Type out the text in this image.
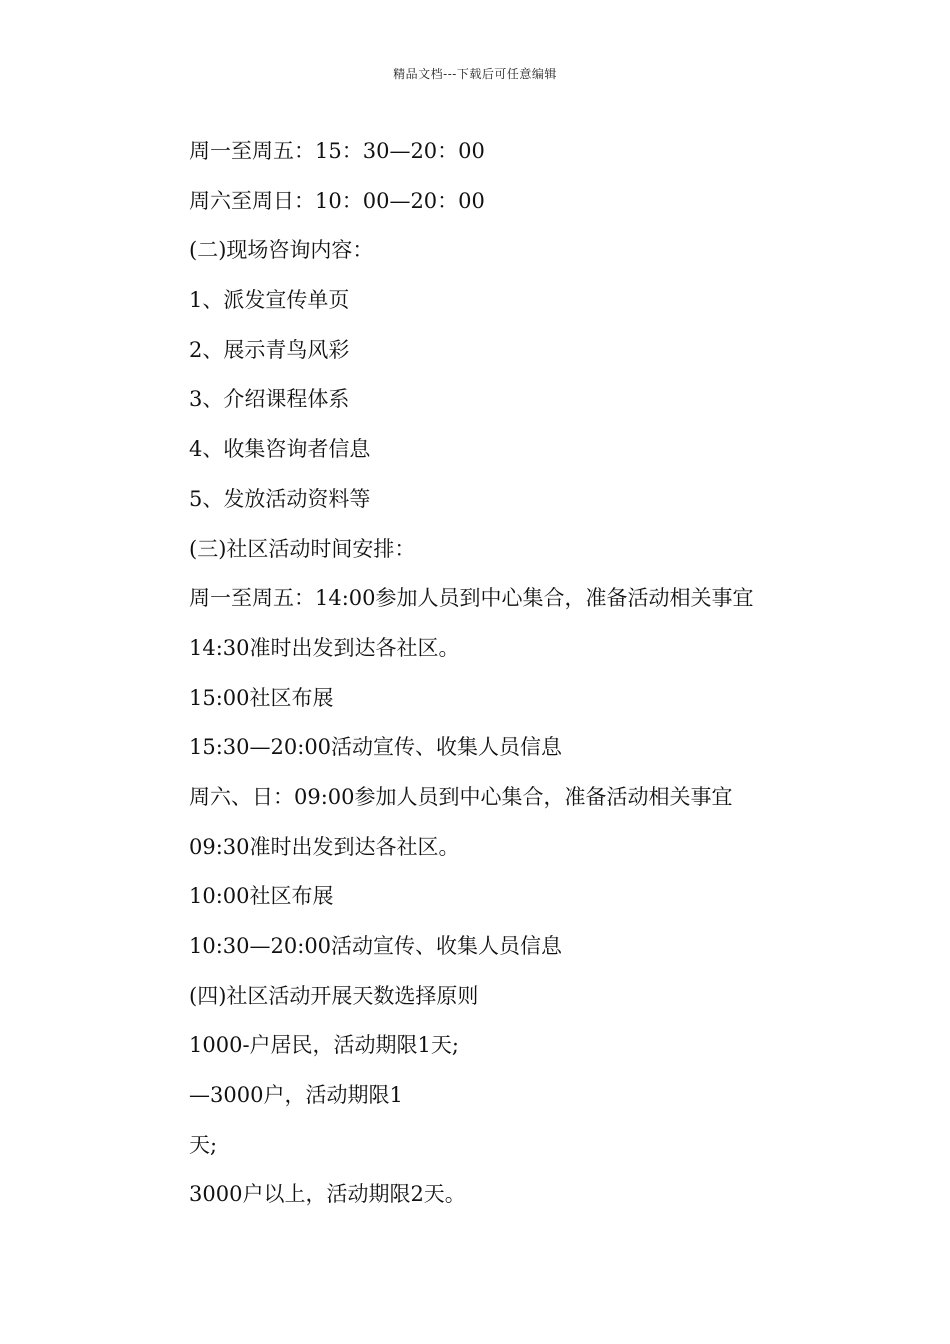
精品文档---下载后可任意编辑
周一至周五：15：30—20：00
周六至周日：10：00—20：00
(二)现场咨询内容：
1、派发宣传单页
2、展示青鸟风彩
3、介绍课程体系
4、收集咨询者信息
5、发放活动资料等
(三)社区活动时间安排：
周一至周五：14:00参加人员到中心集合，准备活动相关事宜
14:30准时出发到达各社区。
15:00社区布展
15:30—20:00活动宣传、收集人员信息
周六、日：09:00参加人员到中心集合，准备活动相关事宜
09:30准时出发到达各社区。
10:00社区布展
10:30—20:00活动宣传、收集人员信息
(四)社区活动开展天数选择原则
1000-户居民，活动期限1天;
—3000户，活动期限1
天;
3000户以上，活动期限2天。
